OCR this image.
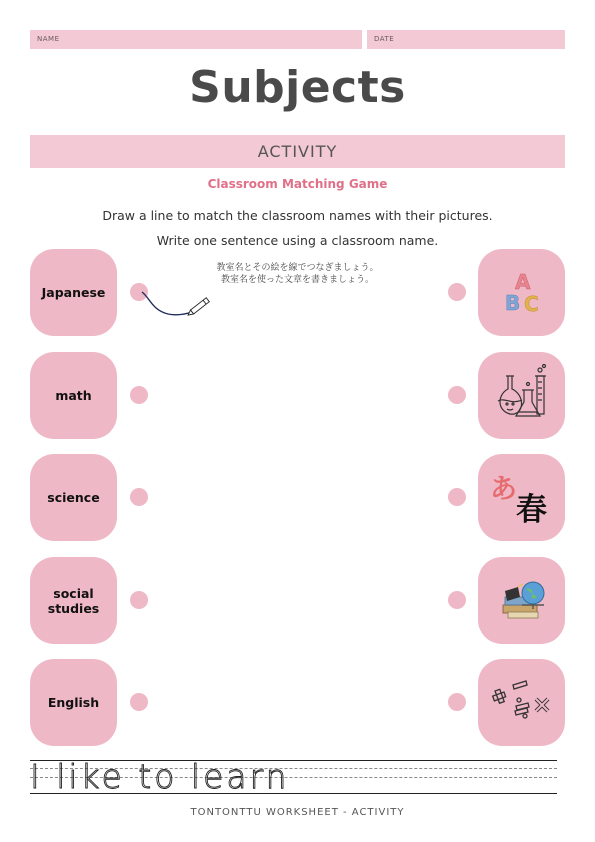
NAME	DATE
Subjects
ACTIVITY
Classroom Matching Game
Draw a line to match the classroom names with their pictures.
Write one sentence using a classroom name.
教室名とその絵を線でつなぎましょう。
教室名を使った文章を書きましょう。
Japanese
math
science
social studies
English
A
B C
あ
春
I like to learn
TONTONTTU WORKSHEET - ACTIVITY
